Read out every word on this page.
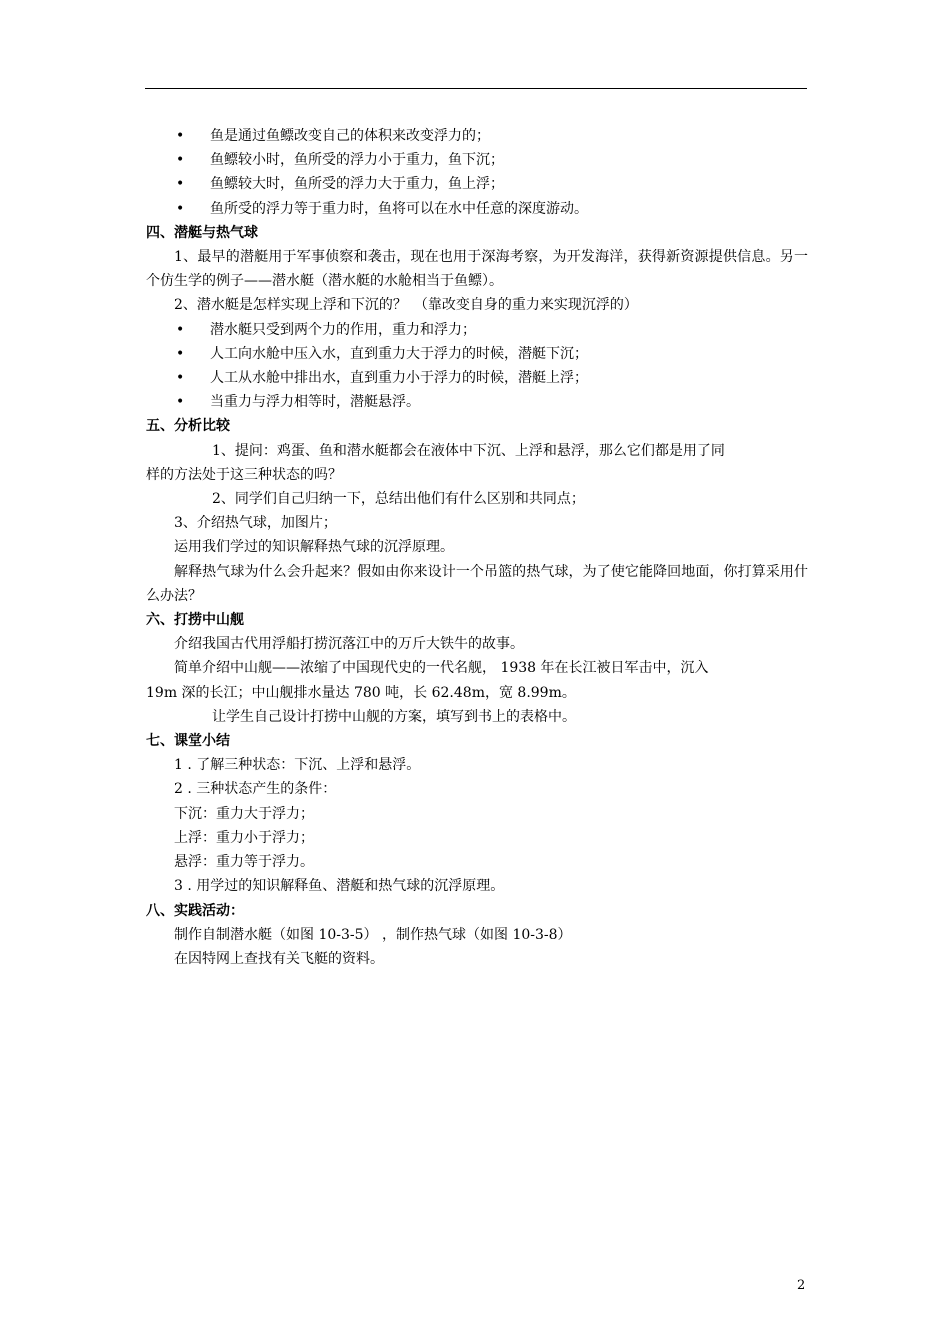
• 鱼是通过鱼鳔改变自己的体积来改变浮力的；
• 鱼鳔较小时，鱼所受的浮力小于重力，鱼下沉；
• 鱼鳔较大时，鱼所受的浮力大于重力，鱼上浮；
• 鱼所受的浮力等于重力时，鱼将可以在水中任意的深度游动。
四、潜艇与热气球
1、最早的潜艇用于军事侦察和袭击，现在也用于深海考察，为开发海洋，获得新资源提供信息。另一个仿生学的例子——潜水艇（潜水艇的水舱相当于鱼鳔）。
2、潜水艇是怎样实现上浮和下沉的？　（靠改变自身的重力来实现沉浮的）
• 潜水艇只受到两个力的作用，重力和浮力；
• 人工向水舱中压入水，直到重力大于浮力的时候，潜艇下沉；
• 人工从水舱中排出水，直到重力小于浮力的时候，潜艇上浮；
• 当重力与浮力相等时，潜艇悬浮。
五、分析比较
1、提问：鸡蛋、鱼和潜水艇都会在液体中下沉、上浮和悬浮，那么它们都是用了同
样的方法处于这三种状态的吗？
2、同学们自己归纳一下，总结出他们有什么区别和共同点；
3、介绍热气球，加图片；
运用我们学过的知识解释热气球的沉浮原理。
解释热气球为什么会升起来？假如由你来设计一个吊篮的热气球，为了使它能降回地面，你打算采用什么办法？
六、打捞中山舰
介绍我国古代用浮船打捞沉落江中的万斤大铁牛的故事。
简单介绍中山舰——浓缩了中国现代史的一代名舰， 1938 年在长江被日军击中，沉入
19m 深的长江；中山舰排水量达 780 吨，长 62.48m，宽 8.99m。
让学生自己设计打捞中山舰的方案，填写到书上的表格中。
七、课堂小结
1 . 了解三种状态：下沉、上浮和悬浮。
2 . 三种状态产生的条件：
下沉：重力大于浮力；
上浮：重力小于浮力；
悬浮：重力等于浮力。
3 . 用学过的知识解释鱼、潜艇和热气球的沉浮原理。
八、实践活动：
制作自制潜水艇（如图 10-3-5） ，制作热气球（如图 10-3-8）
在因特网上查找有关飞艇的资料。
2
